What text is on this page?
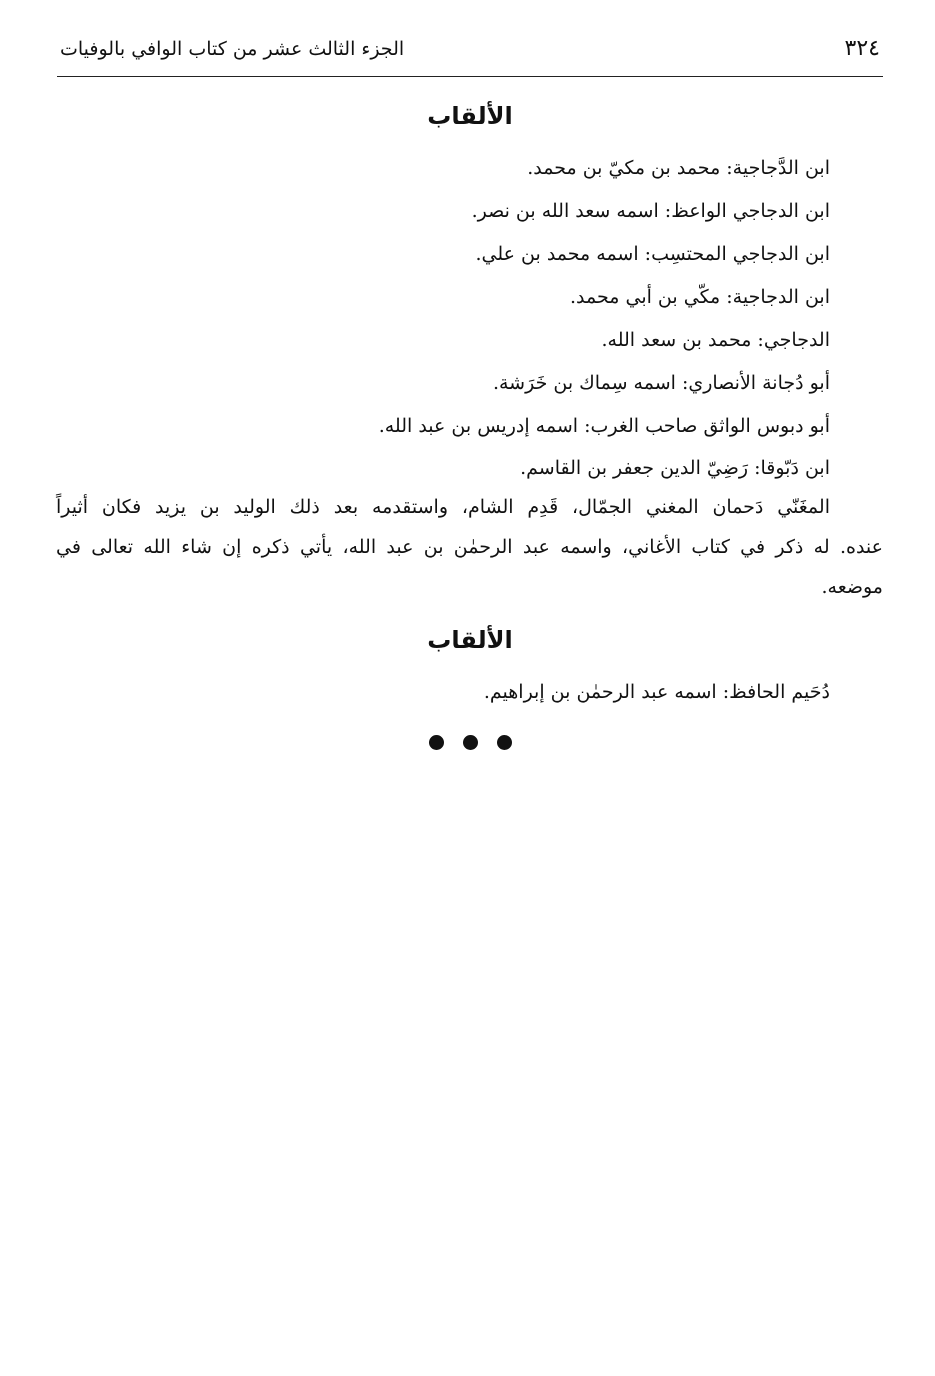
٣٢٤
الجزء الثالث عشر من كتاب الوافي بالوفيات
الألقاب
ابن الدَّجاجية: محمد بن مكيّ بن محمد.
ابن الدجاجي الواعظ: اسمه سعد الله بن نصر.
ابن الدجاجي المحتسِب: اسمه محمد بن علي.
ابن الدجاجية: مكّي بن أبي محمد.
الدجاجي: محمد بن سعد الله.
أبو دُجانة الأنصاري: اسمه سِماك بن خَرَشة.
أبو دبوس الواثق صاحب الغرب: اسمه إدريس بن عبد الله.
ابن دَبّوقا: رَضِيّ الدين جعفر بن القاسم.
المغَنّي دَحمان المغني الجمّال، قَدِم الشام، واستقدمه بعد ذلك الوليد بن يزيد فكان أثيراً
عنده. له ذكر في كتاب الأغاني، واسمه عبد الرحمٰن بن عبد الله، يأتي ذكره إن شاء الله تعالى في
موضعه.
الألقاب
دُحَيم الحافظ: اسمه عبد الرحمٰن بن إبراهيم.
